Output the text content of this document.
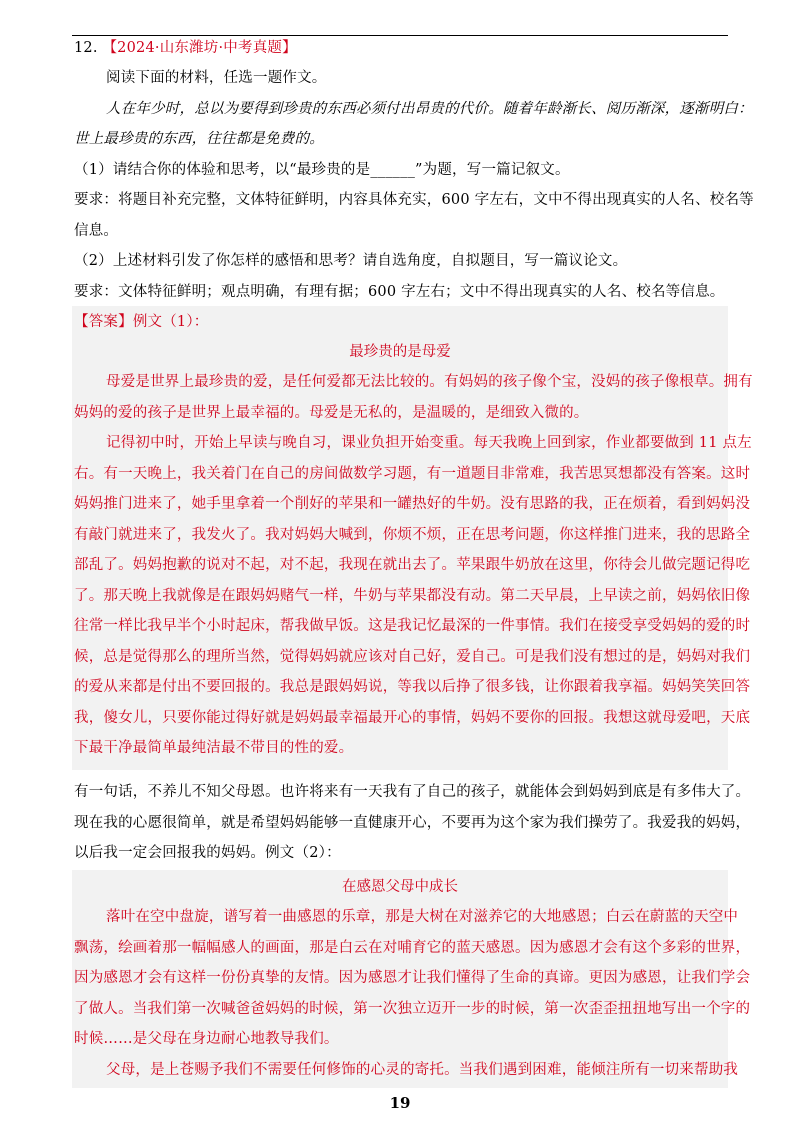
12. 【2024·山东潍坊·中考真题】
阅读下面的材料，任选一题作文。
人在年少时，总以为要得到珍贵的东西必须付出昂贵的代价。随着年龄渐长、阅历渐深，逐渐明白：
世上最珍贵的东西，往往都是免费的。
（1）请结合你的体验和思考，以“最珍贵的是______”为题，写一篇记叙文。
要求：将题目补充完整，文体特征鲜明，内容具体充实，600 字左右，文中不得出现真实的人名、校名等
信息。
（2）上述材料引发了你怎样的感悟和思考？请自选角度，自拟题目，写一篇议论文。
要求：文体特征鲜明；观点明确，有理有据；600 字左右；文中不得出现真实的人名、校名等信息。
【答案】例文（1）：
最珍贵的是母爱
母爱是世界上最珍贵的爱，是任何爱都无法比较的。有妈妈的孩子像个宝，没妈的孩子像根草。拥有
妈妈的爱的孩子是世界上最幸福的。母爱是无私的，是温暖的，是细致入微的。
记得初中时，开始上早读与晚自习，课业负担开始变重。每天我晚上回到家，作业都要做到 11 点左
右。有一天晚上，我关着门在自己的房间做数学习题，有一道题目非常难，我苦思冥想都没有答案。这时
妈妈推门进来了，她手里拿着一个削好的苹果和一罐热好的牛奶。没有思路的我，正在烦着，看到妈妈没
有敲门就进来了，我发火了。我对妈妈大喊到，你烦不烦，正在思考问题，你这样推门进来，我的思路全
部乱了。妈妈抱歉的说对不起，对不起，我现在就出去了。苹果跟牛奶放在这里，你待会儿做完题记得吃
了。那天晚上我就像是在跟妈妈赌气一样，牛奶与苹果都没有动。第二天早晨，上早读之前，妈妈依旧像
往常一样比我早半个小时起床，帮我做早饭。这是我记忆最深的一件事情。我们在接受享受妈妈的爱的时
候，总是觉得那么的理所当然，觉得妈妈就应该对自己好，爱自己。可是我们没有想过的是，妈妈对我们
的爱从来都是付出不要回报的。我总是跟妈妈说，等我以后挣了很多钱，让你跟着我享福。妈妈笑笑回答
我，傻女儿，只要你能过得好就是妈妈最幸福最开心的事情，妈妈不要你的回报。我想这就母爱吧，天底
下最干净最简单最纯洁最不带目的性的爱。
有一句话，不养儿不知父母恩。也许将来有一天我有了自己的孩子，就能体会到妈妈到底是有多伟大了。
现在我的心愿很简单，就是希望妈妈能够一直健康开心，不要再为这个家为我们操劳了。我爱我的妈妈，
以后我一定会回报我的妈妈。例文（2）：
在感恩父母中成长
落叶在空中盘旋，谱写着一曲感恩的乐章，那是大树在对滋养它的大地感恩；白云在蔚蓝的天空中
飘荡，绘画着那一幅幅感人的画面，那是白云在对哺育它的蓝天感恩。因为感恩才会有这个多彩的世界，
因为感恩才会有这样一份份真挚的友情。因为感恩才让我们懂得了生命的真谛。更因为感恩，让我们学会
了做人。当我们第一次喊爸爸妈妈的时候，第一次独立迈开一步的时候，第一次歪歪扭扭地写出一个字的
时候……是父母在身边耐心地教导我们。
父母，是上苍赐予我们不需要任何修饰的心灵的寄托。当我们遇到困难，能倾注所有一切来帮助我
19
